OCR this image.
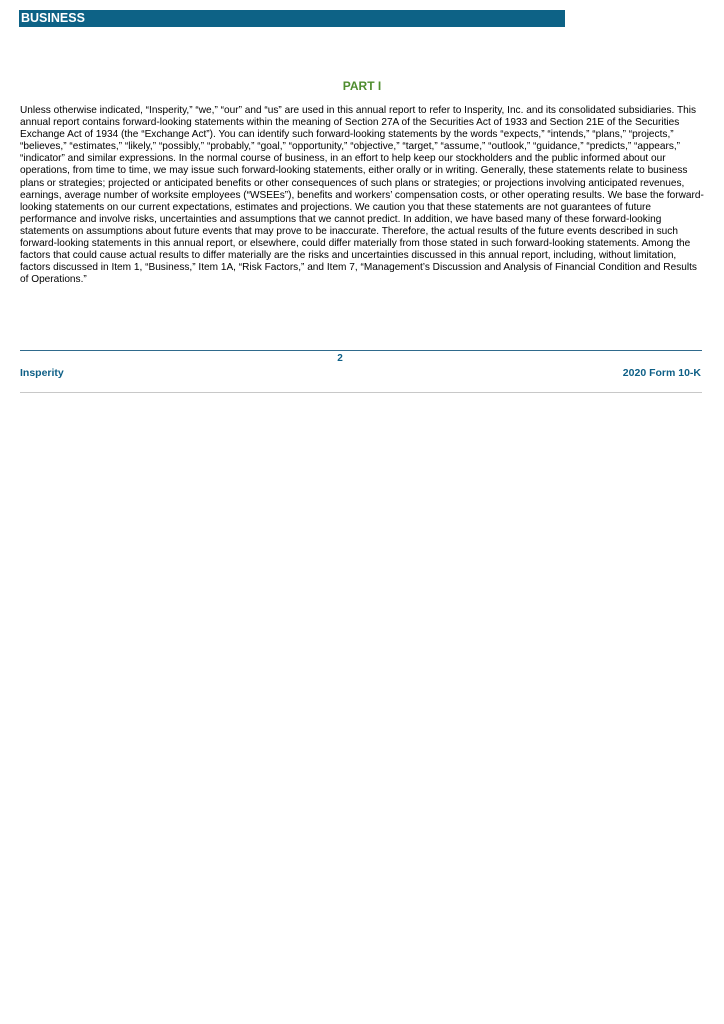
BUSINESS
PART I

Unless otherwise indicated, “Insperity,” “we,” “our” and “us” are used in this annual report to refer to Insperity, Inc. and its consolidated subsidiaries. This annual report contains forward-looking statements within the meaning of Section 27A of the Securities Act of 1933 and Section 21E of the Securities Exchange Act of 1934 (the “Exchange Act”). You can identify such forward-looking statements by the words “expects,” “intends,” “plans,” “projects,” “believes,” “estimates,” “likely,” “possibly,” “probably,” “goal,” “opportunity,” “objective,” “target,” “assume,” “outlook,” “guidance,” “predicts,” “appears,” “indicator” and similar expressions. In the normal course of business, in an effort to help keep our stockholders and the public informed about our operations, from time to time, we may issue such forward-looking statements, either orally or in writing. Generally, these statements relate to business plans or strategies; projected or anticipated benefits or other consequences of such plans or strategies; or projections involving anticipated revenues, earnings, average number of worksite employees (“WSEEs”), benefits and workers’ compensation costs, or other operating results. We base the forward-looking statements on our current expectations, estimates and projections. We caution you that these statements are not guarantees of future performance and involve risks, uncertainties and assumptions that we cannot predict. In addition, we have based many of these forward-looking statements on assumptions about future events that may prove to be inaccurate. Therefore, the actual results of the future events described in such forward-looking statements in this annual report, or elsewhere, could differ materially from those stated in such forward-looking statements. Among the factors that could cause actual results to differ materially are the risks and uncertainties discussed in this annual report, including, without limitation, factors discussed in Item 1, “Business,” Item 1A, “Risk Factors,” and Item 7, “Management’s Discussion and Analysis of Financial Condition and Results of Operations.”

2
Insperity	2020 Form 10-K
